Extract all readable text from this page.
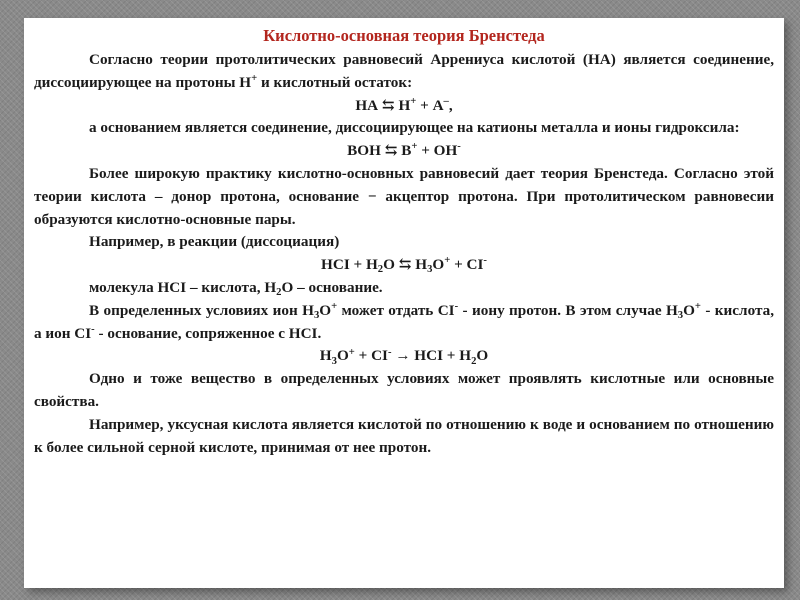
Кислотно-основная теория Бренстеда

Согласно теории протолитических равновесий Аррениуса кислотой (НА) является соединение, диссоциирующее на протоны Н+ и кислотный остаток:

НА ⇆ Н+ + А–,

а основанием является соединение, диссоциирующее на катионы металла и ионы гидроксила:

ВОН ⇆ В+ + ОН-

Более широкую практику кислотно-основных равновесий дает теория Бренстеда. Согласно этой теории кислота – донор протона, основание − акцептор протона. При протолитическом равновесии образуются кислотно-основные пары.

Например, в реакции (диссоциация)

НCI + $H_2O$ ⇆ $H_3O^+ + CI^-$

молекула НCI – кислота, $H_2O$ – основание.

В определенных условиях ион $H_3O^+$ может отдать CI- - иону протон. В этом случае $H_3O^+$ - кислота, а ион CI- - основание, сопряженное с НCI.

$H_3O^+ + CI^-$ → НCI + $H_2O$

Одно и тоже вещество в определенных условиях может проявлять кислотные или основные свойства.

Например, уксусная кислота является кислотой по отношению к воде и основанием по отношению к более сильной серной кислоте, принимая от нее протон.
